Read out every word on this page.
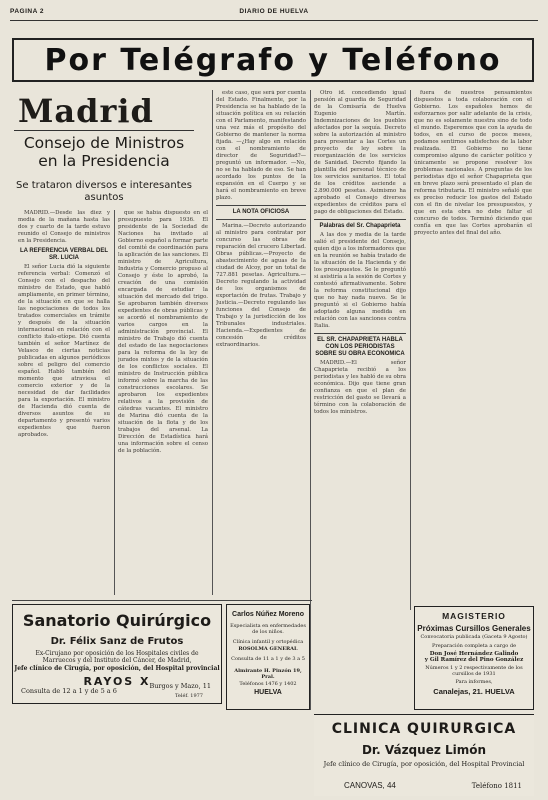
PAGINA 2	DIARIO DE HUELVA
Por Telégrafo y Teléfono
Madrid
Consejo de Ministros en la Presidencia
Se trataron diversos e interesantes asuntos

MADRID.—Desde las diez y media de la mañana hasta las dos y cuarto de la tarde estuvo reunido el Consejo de ministros en la Presidencia.

LA REFERENCIA VERBAL DEL SR. LUCIA

El señor Lucia dió la siguiente referencia verbal: Comenzó el Consejo con el despacho del ministro de Estado, que habló ampliamente, en primer término, de la situación en que se halla las negociaciones de todos los tratados comerciales en trámite y después de la situación internacional en relación con el conflicto italo-etíope. Dió cuenta también el señor Martínez de Velasco de ciertas noticias publicadas en algunos periódicos sobre el peligro del comercio español. Habló también del momento que atraviesa el comercio exterior y de la necesidad de dar facilidades para la exportación. El ministro de Hacienda dió cuenta de diversos asuntos de su departamento y presentó varios expedientes que fueron aprobados.

que se había dispuesto en el presupuesto para 1936. El presidente de la Sociedad de Naciones ha invitado al Gobierno español a formar parte del comité de coordinación para la aplicación de las sanciones. El ministro de Agricultura, Industria y Comercio propuso al Consejo y éste lo aprobó, la creación de una comisión encargada de estudiar la situación del mercado del trigo. Se aprobaron también diversos expedientes de obras públicas y se acordó el nombramiento de varios cargos en la administración provincial. El ministro de Trabajo dió cuenta del estado de las negociaciones para la reforma de la ley de jurados mixtos y de la situación de los conflictos sociales. El ministro de Instrucción pública informó sobre la marcha de las construcciones escolares. Se aprobaron los expedientes relativos a la provisión de cátedras vacantes. El ministro de Marina dió cuenta de la situación de la flota y de los trabajos del arsenal. La Dirección de Estadística hará una información sobre el censo de la población.

este caso, que será por cuenta del Estado. Finalmente, por la Presidencia se ha hablado de la situación política en su relación con el Parlamento, manifestando una vez más el propósito del Gobierno de mantener la norma fijada. —¿Hay algo en relación con el nombramiento de director de Seguridad?— preguntó un informador. —No, no se ha hablado de eso. Se han acordado los puntos de la expansión en el Cuerpo y se hará el nombramiento en breve plazo.

LA NOTA OFICIOSA

Marina.—Decreto autorizando al ministro para contratar por concurso las obras de reparación del crucero Libertad. Obras públicas.—Proyecto de abastecimiento de aguas de la ciudad de Alcoy, por un total de 727.881 pesetas. Agricultura.—Decreto regulando la actividad de los organismos de exportación de frutas. Trabajo y Justicia.—Decreto regulando las funciones del Consejo de Trabajo y la jurisdicción de los Tribunales industriales. Hacienda.—Expedientes de concesión de créditos extraordinarios.

Otro id. concediendo igual pensión al guardia de Seguridad de la Comisaría de Huelva Eugenio Martín. Indemnizaciones de los pueblos afectados por la sequía. Decreto sobre la autorización al ministro para presentar a las Cortes un proyecto de ley sobre la reorganización de los servicios de Sanidad. Decreto fijando la plantilla del personal técnico de los servicios sanitarios. El total de los créditos asciende a 2.890.000 pesetas. Asimismo ha aprobado el Consejo diversos expedientes de créditos para el pago de obligaciones del Estado.

Palabras del Sr. Chapaprieta

A las dos y media de la tarde salió el presidente del Consejo, quien dijo a los informadores que en la reunión se había tratado de la situación de la Hacienda y de los presupuestos. Se le preguntó si asistiría a la sesión de Cortes y contestó afirmativamente. Sobre la reforma constitucional dijo que no hay nada nuevo. Se le preguntó si el Gobierno había adoptado alguna medida en relación con las sanciones contra Italia.

EL SR. CHAPAPRIETA HABLA CON LOS PERIODISTAS SOBRE SU OBRA ECONOMICA

MADRID.—El señor Chapaprieta recibió a los periodistas y les habló de su obra económica. Dijo que tiene gran confianza en que el plan de restricción del gasto se llevará a término con la colaboración de todos los ministros.

fuera de nuestros pensamientos dispuestos a toda colaboración con el Gobierno. Los españoles hemos de esforzarnos por salir adelante de la crisis, que no es solamente nuestra sino de todo el mundo. Esperemos que con la ayuda de todos, en el curso de pocos meses, podamos sentirnos satisfechos de la labor realizada. El Gobierno no tiene compromiso alguno de carácter político y únicamente se propone resolver los problemas nacionales. A preguntas de los periodistas dijo el señor Chapaprieta que en breve plazo será presentado el plan de reforma tributaria. El ministro señaló que es preciso reducir los gastos del Estado con el fin de nivelar los presupuestos, y que en esta obra no debe faltar el concurso de todos. Terminó diciendo que confía en que las Cortes aprobarán el proyecto antes del final del año.

MAGISTERIO
Próximas Cursillos Generales
Convocatoria publicada (Gaceta 9 Agosto)
Preparación completa a cargo de
Don José Hernández Galindo
y Gil Ramírez del Pino González
Números 1 y 2 respectivamente de los cursillos de 1931
Para informes,
Canalejas, 21. HUELVA
Sanatorio Quirúrgico
Dr. Félix Sanz de Frutos
Ex-Cirujano por oposición de los Hospitales civiles de Marruecos y del Instituto del Cáncer, de Madrid,
Jefe clínico de Cirugía, por oposición, del Hospital provincial
RAYOS X
Consulta de 12 a 1 y de 5 a 6
Burgos y Mazo, 11
Teléf. 1977
Carlos Núñez Moreno
Especialista en enfermedades de los niños.
Clínica infantil y ortopédica
ROSOLMA GENERAL
Consulta de 11 a 1 y de 3 a 5
Almirante H. Pinzón 19, Pral.
Teléfonos 1476 y 1402
HUELVA
CLINICA QUIRURGICA
Dr. Vázquez Limón
Jefe clínico de Cirugía, por oposición, del Hospital Provincial
CANOVAS, 44	Teléfono 1811
